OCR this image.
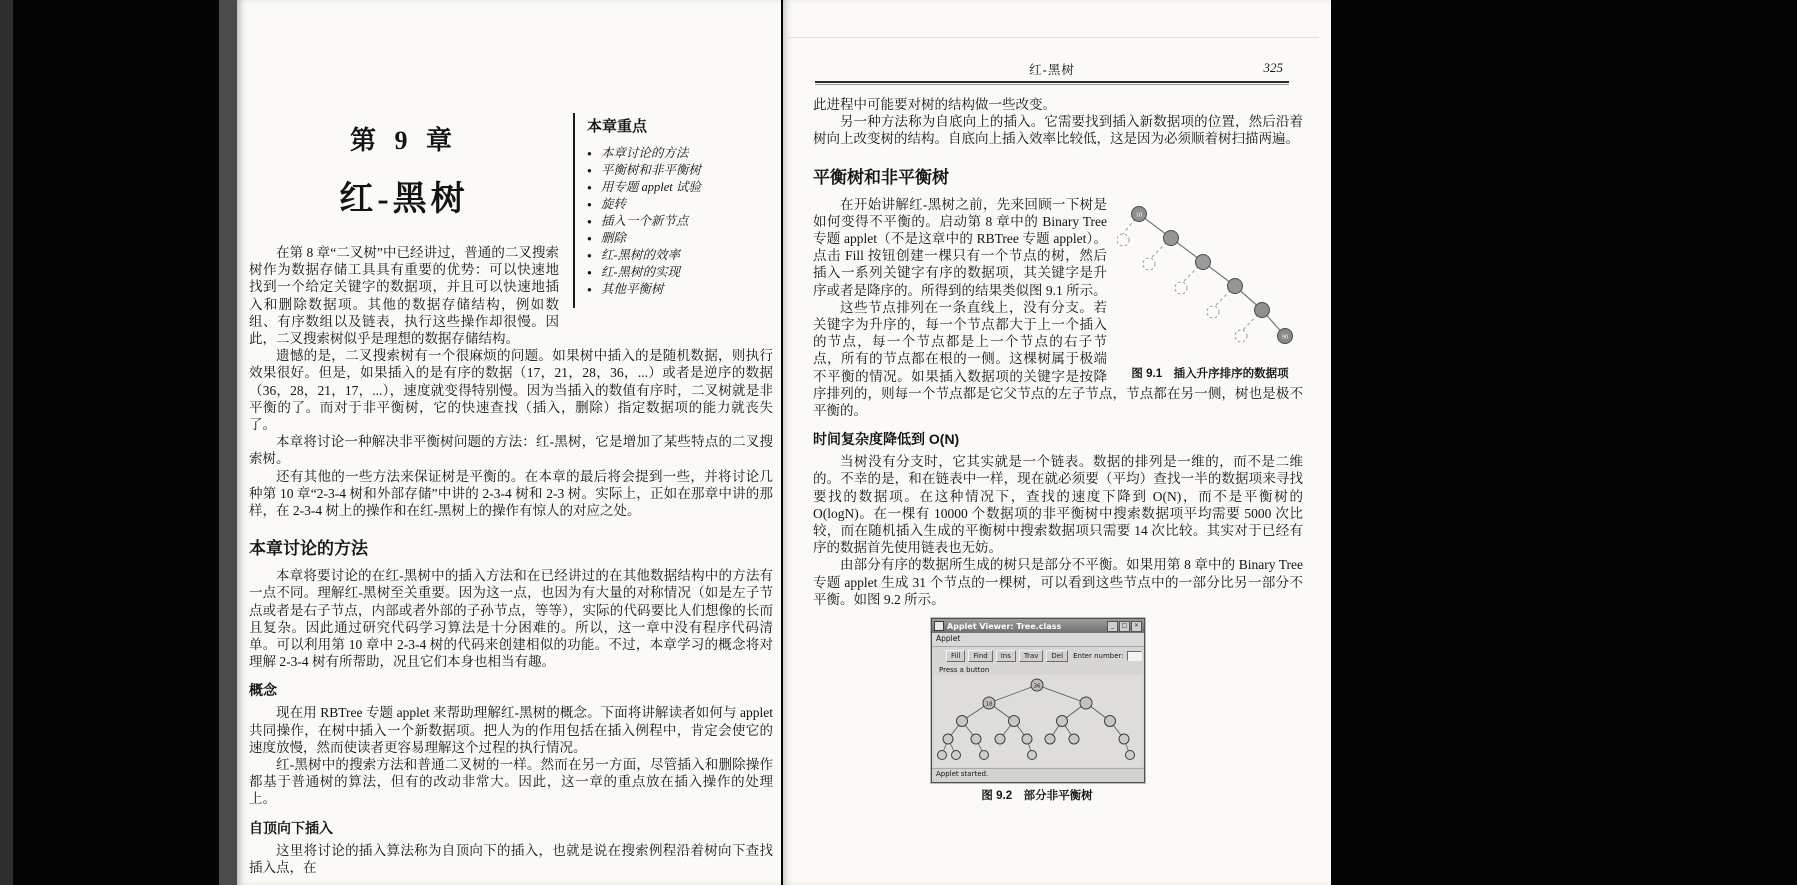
本章重点
● 本章讨论的方法
● 平衡树和非平衡树
● 用专题 applet 试验
● 旋转
● 插入一个新节点
● 删除
● 红-黑树的效率
● 红-黑树的实现
● 其他平衡树
第 9 章
红-黑树

在第 8 章“二叉树”中已经讲过，普通的二叉搜索树作为数据存储工具具有重要的优势：可以快速地找到一个给定关键字的数据项，并且可以快速地插入和删除数据项。其他的数据存储结构，例如数组、有序数组以及链表，执行这些操作却很慢。因此，二叉搜索树似乎是理想的数据存储结构。

遗憾的是，二叉搜索树有一个很麻烦的问题。如果树中插入的是随机数据，则执行效果很好。但是，如果插入的是有序的数据（17，21，28，36，...）或者是逆序的数据（36，28，21，17，...），速度就变得特别慢。因为当插入的数值有序时，二叉树就是非平衡的了。而对于非平衡树，它的快速查找（插入，删除）指定数据项的能力就丧失了。

本章将讨论一种解决非平衡树问题的方法：红-黑树，它是增加了某些特点的二叉搜索树。

还有其他的一些方法来保证树是平衡的。在本章的最后将会提到一些，并将讨论几种第 10 章“2-3-4 树和外部存储”中讲的 2-3-4 树和 2-3 树。实际上，正如在那章中讲的那样，在 2-3-4 树上的操作和在红-黑树上的操作有惊人的对应之处。

本章讨论的方法

本章将要讨论的在红-黑树中的插入方法和在已经讲过的在其他数据结构中的方法有一点不同。理解红-黑树至关重要。因为这一点，也因为有大量的对称情况（如是左子节点或者是右子节点，内部或者外部的子孙节点，等等），实际的代码要比人们想像的长而且复杂。因此通过研究代码学习算法是十分困难的。所以，这一章中没有程序代码清单。可以利用第 10 章中 2-3-4 树的代码来创建相似的功能。不过，本章学习的概念将对理解 2-3-4 树有所帮助，况且它们本身也相当有趣。

概念

现在用 RBTree 专题 applet 来帮助理解红-黑树的概念。下面将讲解读者如何与 applet 共同操作，在树中插入一个新数据项。把人为的作用包括在插入例程中，肯定会使它的速度放慢，然而使读者更容易理解这个过程的执行情况。

红-黑树中的搜索方法和普通二叉树的一样。然而在另一方面，尽管插入和删除操作都基于普通树的算法，但有的改动非常大。因此，这一章的重点放在插入操作的处理上。

自顶向下插入

这里将讨论的插入算法称为自顶向下的插入，也就是说在搜索例程沿着树向下查找插入点，在

红-黑树	325

此进程中可能要对树的结构做一些改变。

另一种方法称为自底向上的插入。它需要找到插入新数据项的位置，然后沿着树向上改变树的结构。自底向上插入效率比较低，这是因为必须顺着树扫描两遍。

平衡树和非平衡树
10
90
图 9.1　插入升序排序的数据项

在开始讲解红-黑树之前，先来回顾一下树是如何变得不平衡的。启动第 8 章中的 Binary Tree 专题 applet（不是这章中的 RBTree 专题 applet）。点击 Fill 按钮创建一棵只有一个节点的树，然后插入一系列关键字有序的数据项，其关键字是升序或者是降序的。所得到的结果类似图 9.1 所示。

这些节点排列在一条直线上，没有分支。若关键字为升序的，每一个节点都大于上一个插入的节点，每一个节点都是上一个节点的右子节点，所有的节点都在根的一侧。这棵树属于极端不平衡的情况。如果插入数据项的关键字是按降序排列的，则每一个节点都是它父节点的左子节点，节点都在另一侧，树也是极不平衡的。

时间复杂度降低到 O(N)

当树没有分支时，它其实就是一个链表。数据的排列是一维的，而不是二维的。不幸的是，和在链表中一样，现在就必须要（平均）查找一半的数据项来寻找要找的数据项。在这种情况下，查找的速度下降到 O(N)，而不是平衡树的 O(logN)。在一棵有 10000 个数据项的非平衡树中搜索数据项平均需要 5000 次比较，而在随机插入生成的平衡树中搜索数据项只需要 14 次比较。其实对于已经有序的数据首先使用链表也无妨。

由部分有序的数据所生成的树只是部分不平衡。如果用第 8 章中的 Binary Tree 专题 applet 生成 31 个节点的一棵树，可以看到这些节点中的一部分比另一部分不平衡。如图 9.2 所示。

Applet Viewer: Tree.class	_	□	×
Applet
Fill	Find	Ins	Trav	Del	Enter number:
Press a button
36
18
Applet started.
图 9.2　部分非平衡树
